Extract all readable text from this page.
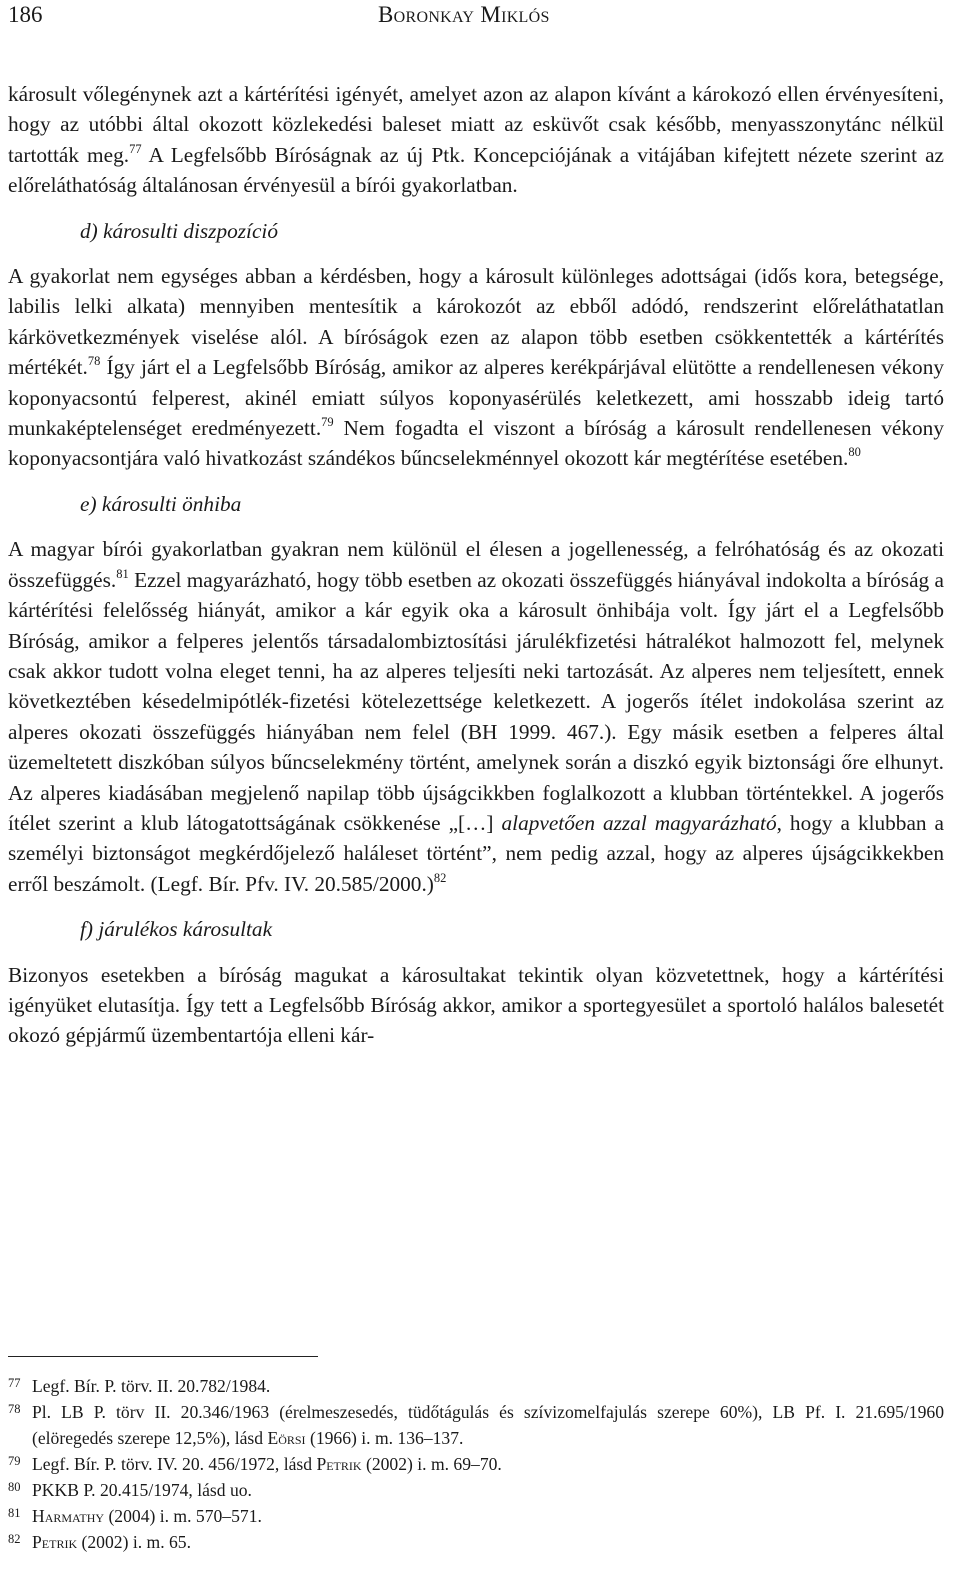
186	Boronkay Miklós

károsult vőlegénynek azt a kártérítési igényét, amelyet azon az alapon kívánt a károkozó ellen érvényesíteni, hogy az utóbbi által okozott közlekedési baleset miatt az esküvőt csak később, menyasszonytánc nélkül tartották meg.$^{77}$ A Legfelsőbb Bíróságnak az új Ptk. Koncepciójának a vitájában kifejtett nézete szerint az előreláthatóság általánosan érvényesül a bírói gyakorlatban.

d) károsulti diszpozíció

A gyakorlat nem egységes abban a kérdésben, hogy a károsult különleges adottságai (idős kora, betegsége, labilis lelki alkata) mennyiben mentesítik a károkozót az ebből adódó, rendszerint előreláthatatlan kárkövetkezmények viselése alól. A bíróságok ezen az alapon több esetben csökkentették a kártérítés mértékét.$^{78}$ Így járt el a Legfelsőbb Bíróság, amikor az alperes kerékpárjával elütötte a rendellenesen vékony koponyacsontú felperest, akinél emiatt súlyos koponyasérülés keletkezett, ami hosszabb ideig tartó munkaképtelenséget eredményezett.$^{79}$ Nem fogadta el viszont a bíróság a károsult rendellenesen vékony koponyacsontjára való hivatkozást szándékos bűncselekménnyel okozott kár megtérítése esetében.$^{80}$

e) károsulti önhiba

A magyar bírói gyakorlatban gyakran nem különül el élesen a jogellenesség, a felróhatóság és az okozati összefüggés.$^{81}$ Ezzel magyarázható, hogy több esetben az okozati összefüggés hiányával indokolta a bíróság a kártérítési felelősség hiányát, amikor a kár egyik oka a károsult önhibája volt. Így járt el a Legfelsőbb Bíróság, amikor a felperes jelentős társadalombiztosítási járulékfizetési hátralékot halmozott fel, melynek csak akkor tudott volna eleget tenni, ha az alperes teljesíti neki tartozását. Az alperes nem teljesített, ennek következtében késedelmipótlék-fizetési kötelezettsége keletkezett. A jogerős ítélet indokolása szerint az alperes okozati összefüggés hiányában nem felel (BH 1999. 467.). Egy másik esetben a felperes által üzemeltetett diszkóban súlyos bűncselekmény történt, amelynek során a diszkó egyik biztonsági őre elhunyt. Az alperes kiadásában megjelenő napilap több újságcikkben foglalkozott a klubban történtekkel. A jogerős ítélet szerint a klub látogatottságának csökkenése „[…] alapvetően azzal magyarázható, hogy a klubban a személyi biztonságot megkérdőjelező haláleset történt”, nem pedig azzal, hogy az alperes újságcikkekben erről beszámolt. (Legf. Bír. Pfv. IV. 20.585/2000.)$^{82}$

f) járulékos károsultak

Bizonyos esetekben a bíróság magukat a károsultakat tekintik olyan közvetettnek, hogy a kártérítési igényüket elutasítja. Így tett a Legfelsőbb Bíróság akkor, amikor a sportegyesület a sportoló halálos balesetét okozó gépjármű üzembentartója elleni kár-

77 Legf. Bír. P. törv. II. 20.782/1984.
78 Pl. LB P. törv II. 20.346/1963 (érelmeszesedés, tüdőtágulás és szívizomelfajulás szerepe 60%), LB Pf. I. 21.695/1960 (elöregedés szerepe 12,5%), lásd Eörsi (1966) i. m. 136–137.
79 Legf. Bír. P. törv. IV. 20. 456/1972, lásd Petrik (2002) i. m. 69–70.
80 PKKB P. 20.415/1974, lásd uo.
81 Harmathy (2004) i. m. 570–571.
82 Petrik (2002) i. m. 65.
